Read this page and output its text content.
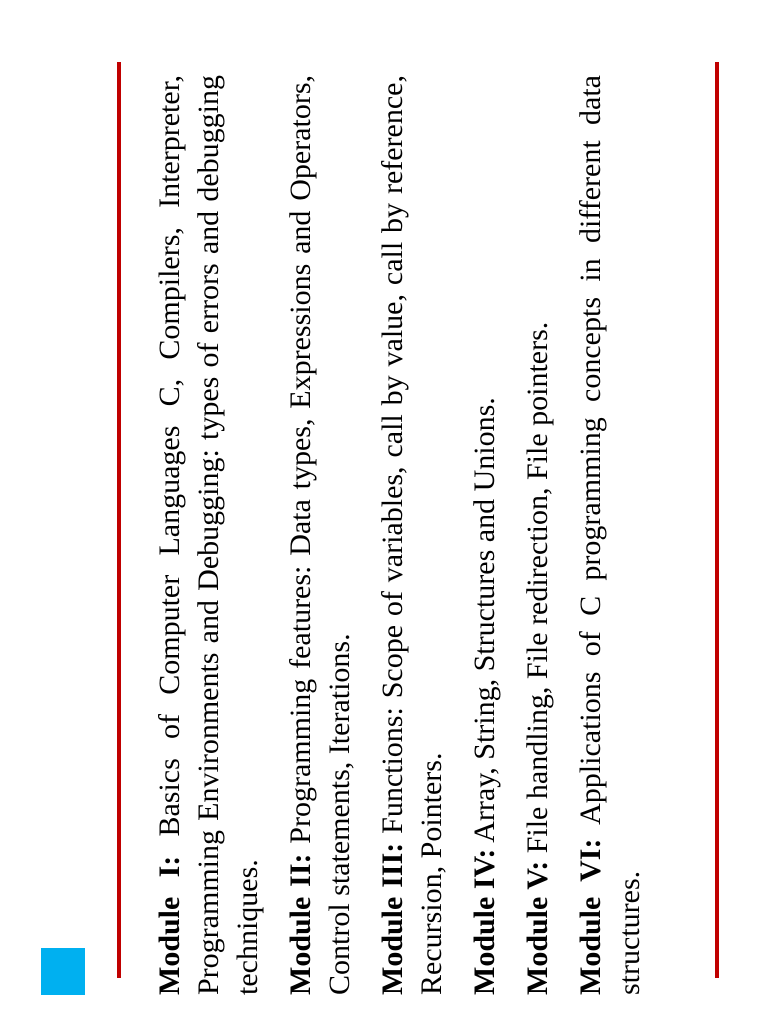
Module I: Basics of Computer Languages C, Compilers, Interpreter, Programming Environments and Debugging: types of errors and debugging techniques. Module II: Programming features: Data types, Expressions and Operators, Control statements, Iterations. Module III: Functions: Scope of variables, call by value, call by reference, Recursion, Pointers. Module IV: Array, String, Structures and Unions.

Module V: File handling, File redirection, File pointers.

Module VI: Applications of C programming concepts in different data structures.
